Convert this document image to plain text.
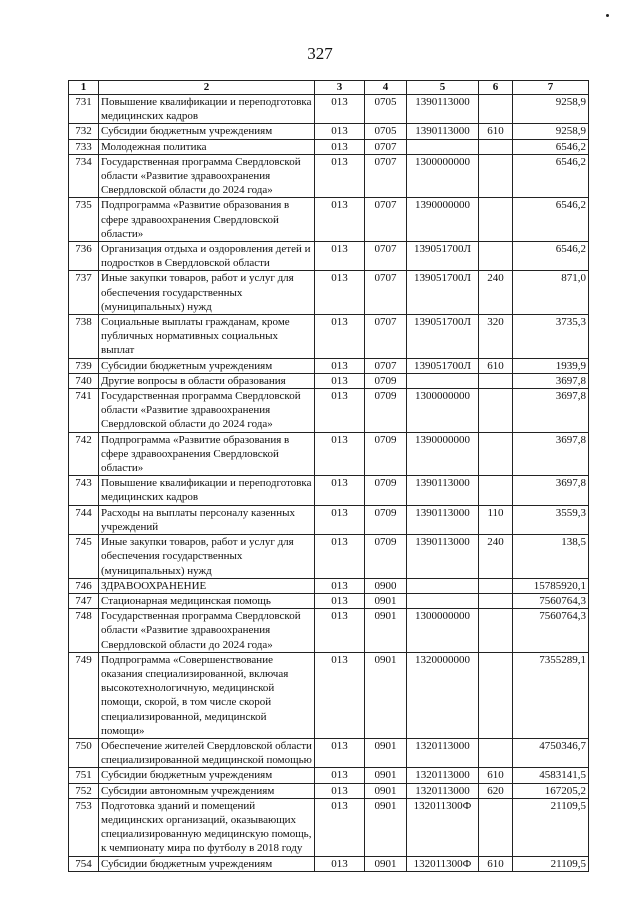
327
1	2	3	4	5	6	7
731	Повышение квалификации и переподготовка медицинских кадров	013	0705	1390113000		9258,9
732	Субсидии бюджетным учреждениям	013	0705	1390113000	610	9258,9
733	Молодежная политика	013	0707			6546,2
734	Государственная программа Свердловской области «Развитие здравоохранения Свердловской области до 2024 года»	013	0707	1300000000		6546,2
735	Подпрограмма «Развитие образования в сфере здравоохранения Свердловской области»	013	0707	1390000000		6546,2
736	Организация отдыха и оздоровления детей и подростков в Свердловской области	013	0707	139051700Л		6546,2
737	Иные закупки товаров, работ и услуг для обеспечения государственных (муниципальных) нужд	013	0707	139051700Л	240	871,0
738	Социальные выплаты гражданам, кроме публичных нормативных социальных выплат	013	0707	139051700Л	320	3735,3
739	Субсидии бюджетным учреждениям	013	0707	139051700Л	610	1939,9
740	Другие вопросы в области образования	013	0709			3697,8
741	Государственная программа Свердловской области «Развитие здравоохранения Свердловской области до 2024 года»	013	0709	1300000000		3697,8
742	Подпрограмма «Развитие образования в сфере здравоохранения Свердловской области»	013	0709	1390000000		3697,8
743	Повышение квалификации и переподготовка медицинских кадров	013	0709	1390113000		3697,8
744	Расходы на выплаты персоналу казенных учреждений	013	0709	1390113000	110	3559,3
745	Иные закупки товаров, работ и услуг для обеспечения государственных (муниципальных) нужд	013	0709	1390113000	240	138,5
746	ЗДРАВООХРАНЕНИЕ	013	0900			15785920,1
747	Стационарная медицинская помощь	013	0901			7560764,3
748	Государственная программа Свердловской области «Развитие здравоохранения Свердловской области до 2024 года»	013	0901	1300000000		7560764,3
749	Подпрограмма «Совершенствование оказания специализированной, включая высокотехнологичную, медицинской помощи, скорой, в том числе скорой специализированной, медицинской помощи»	013	0901	1320000000		7355289,1
750	Обеспечение жителей Свердловской области специализированной медицинской помощью	013	0901	1320113000		4750346,7
751	Субсидии бюджетным учреждениям	013	0901	1320113000	610	4583141,5
752	Субсидии автономным учреждениям	013	0901	1320113000	620	167205,2
753	Подготовка зданий и помещений медицинских организаций, оказывающих специализированную медицинскую помощь, к чемпионату мира по футболу в 2018 году	013	0901	132011300Ф		21109,5
754	Субсидии бюджетным учреждениям	013	0901	132011300Ф	610	21109,5
